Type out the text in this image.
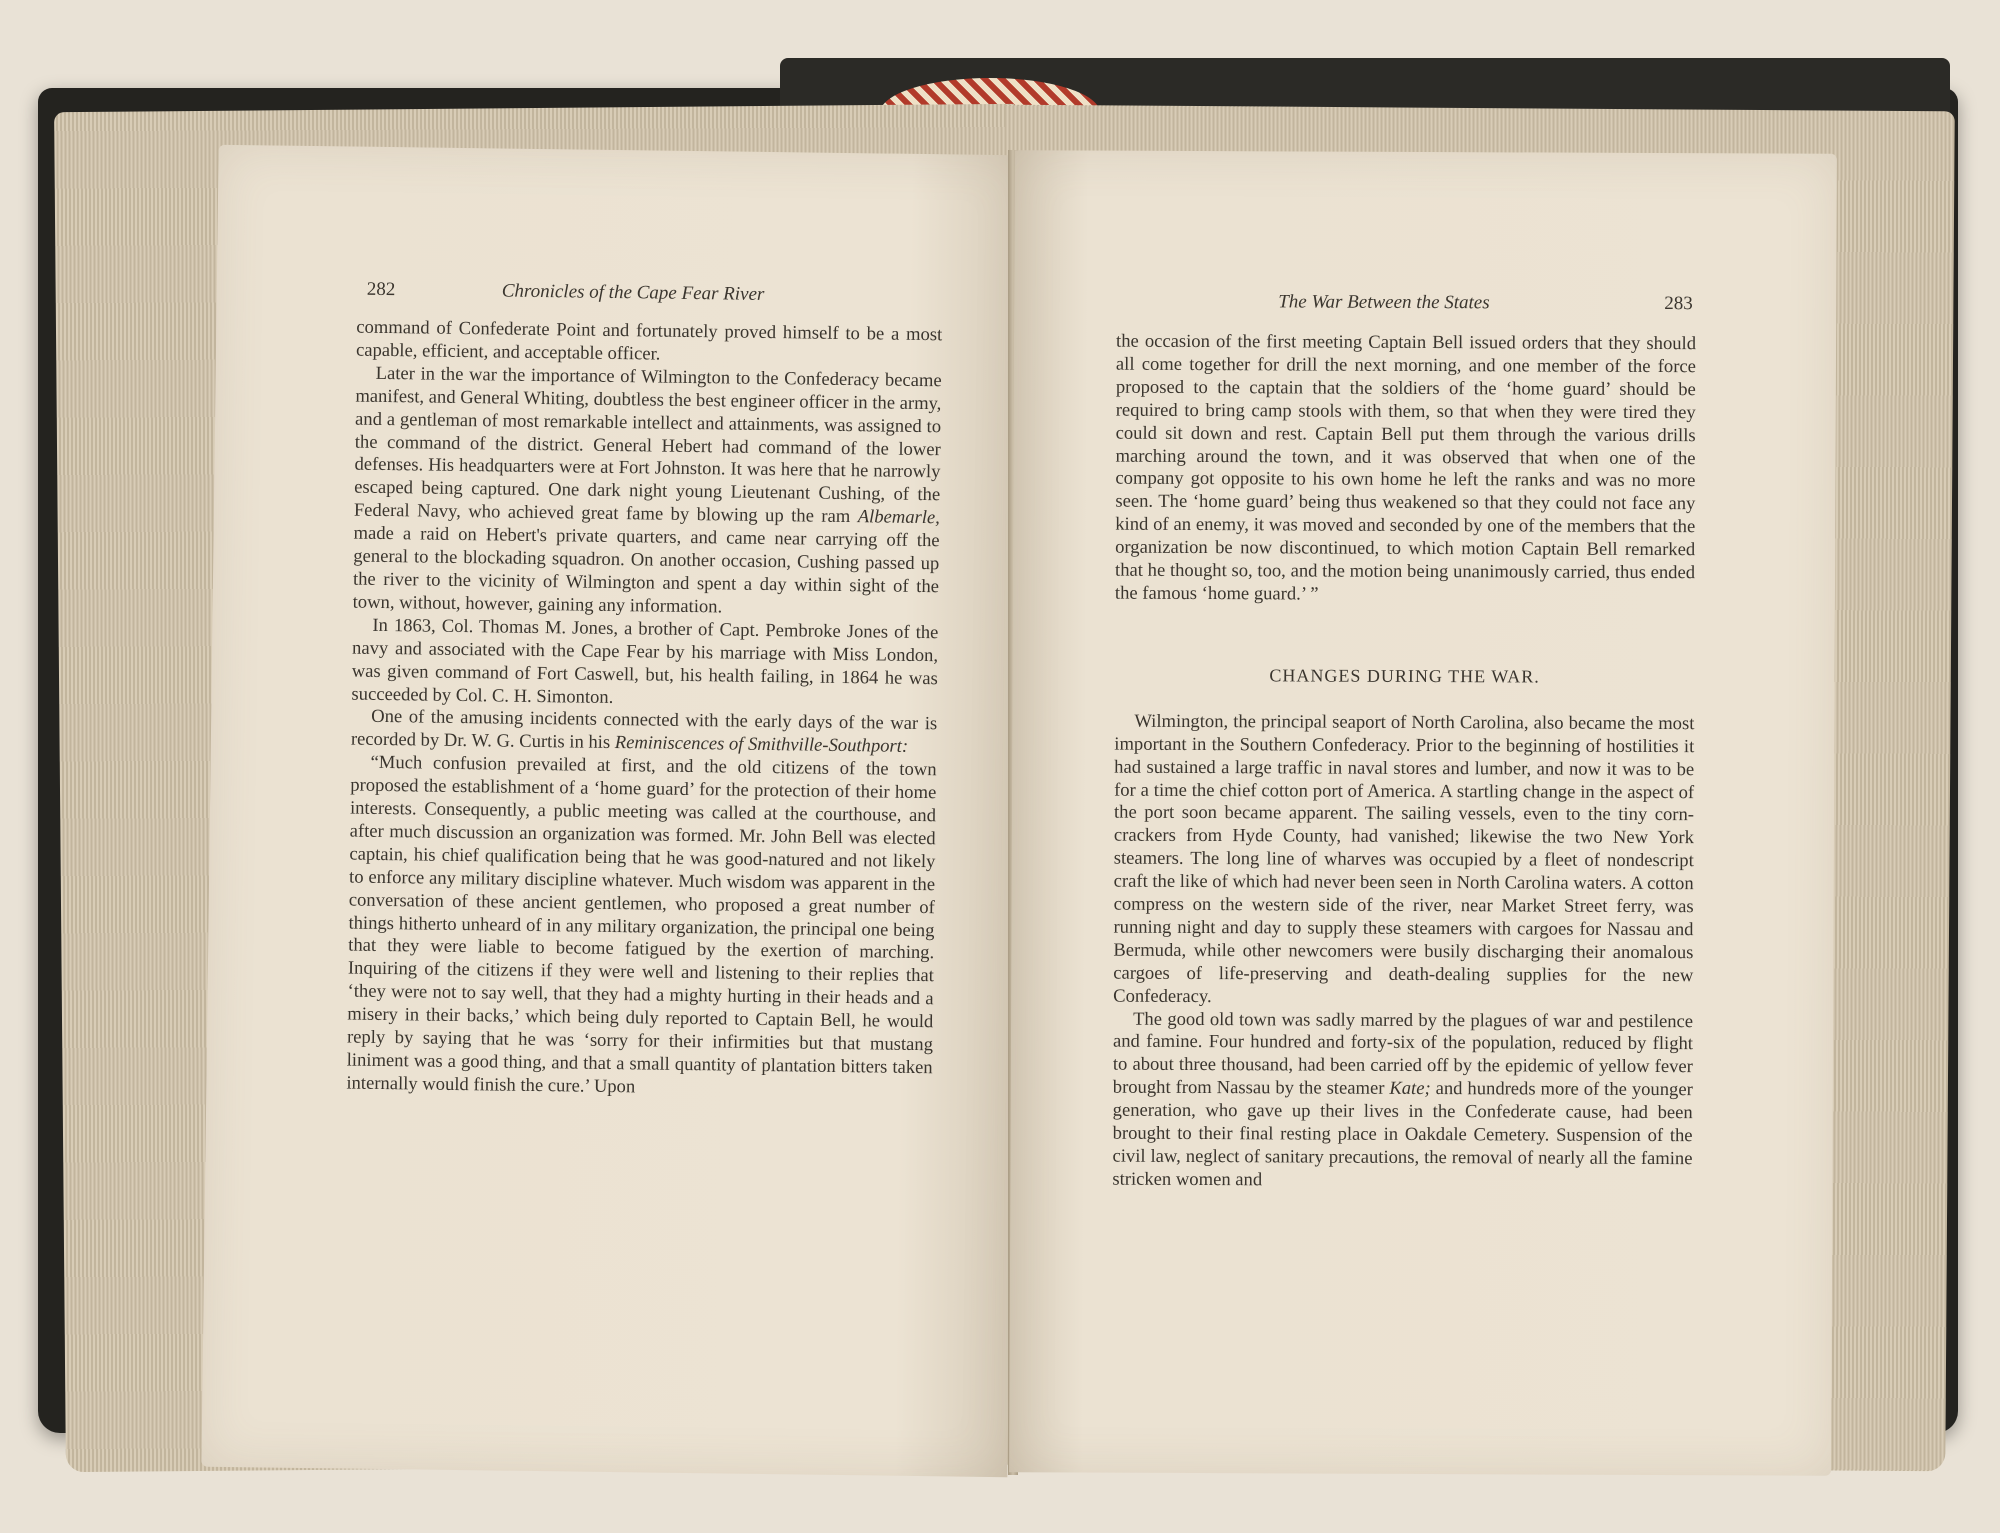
282	Chronicles of the Cape Fear River

command of Confederate Point and fortunately proved himself to be a most capable, efficient, and acceptable officer.

Later in the war the importance of Wilmington to the Confederacy became manifest, and General Whiting, doubtless the best engineer officer in the army, and a gentleman of most remarkable intellect and attainments, was assigned to the command of the district. General Hebert had command of the lower defenses. His headquarters were at Fort Johnston. It was here that he narrowly escaped being captured. One dark night young Lieutenant Cushing, of the Federal Navy, who achieved great fame by blowing up the ram Albemarle, made a raid on Hebert's private quarters, and came near carrying off the general to the blockading squadron. On another occasion, Cushing passed up the river to the vicinity of Wilmington and spent a day within sight of the town, without, however, gaining any information.

In 1863, Col. Thomas M. Jones, a brother of Capt. Pembroke Jones of the navy and associated with the Cape Fear by his marriage with Miss London, was given command of Fort Caswell, but, his health failing, in 1864 he was succeeded by Col. C. H. Simonton.

One of the amusing incidents connected with the early days of the war is recorded by Dr. W. G. Curtis in his Reminiscences of Smithville-Southport:

“Much confusion prevailed at first, and the old citizens of the town proposed the establishment of a ‘home guard’ for the protection of their home interests. Consequently, a public meeting was called at the courthouse, and after much discussion an organization was formed. Mr. John Bell was elected captain, his chief qualification being that he was good-natured and not likely to enforce any military discipline whatever. Much wisdom was apparent in the conversation of these ancient gentlemen, who proposed a great number of things hitherto unheard of in any military organization, the principal one being that they were liable to become fatigued by the exertion of marching. Inquiring of the citizens if they were well and listening to their replies that ‘they were not to say well, that they had a mighty hurting in their heads and a misery in their backs,’ which being duly reported to Captain Bell, he would reply by saying that he was ‘sorry for their infirmities but that mustang liniment was a good thing, and that a small quantity of plantation bitters taken internally would finish the cure.’ Upon

The War Between the States	283

the occasion of the first meeting Captain Bell issued orders that they should all come together for drill the next morning, and one member of the force proposed to the captain that the soldiers of the ‘home guard’ should be required to bring camp stools with them, so that when they were tired they could sit down and rest. Captain Bell put them through the various drills marching around the town, and it was observed that when one of the company got opposite to his own home he left the ranks and was no more seen. The ‘home guard’ being thus weakened so that they could not face any kind of an enemy, it was moved and seconded by one of the members that the organization be now discontinued, to which motion Captain Bell remarked that he thought so, too, and the motion being unanimously carried, thus ended the famous ‘home guard.’ ”

CHANGES DURING THE WAR.

Wilmington, the principal seaport of North Carolina, also became the most important in the Southern Confederacy. Prior to the beginning of hostilities it had sustained a large traffic in naval stores and lumber, and now it was to be for a time the chief cotton port of America. A startling change in the aspect of the port soon became apparent. The sailing vessels, even to the tiny corn-crackers from Hyde County, had vanished; likewise the two New York steamers. The long line of wharves was occupied by a fleet of nondescript craft the like of which had never been seen in North Carolina waters. A cotton compress on the western side of the river, near Market Street ferry, was running night and day to supply these steamers with cargoes for Nassau and Bermuda, while other newcomers were busily discharging their anomalous cargoes of life-preserving and death-dealing supplies for the new Confederacy.

The good old town was sadly marred by the plagues of war and pestilence and famine. Four hundred and forty-six of the population, reduced by flight to about three thousand, had been carried off by the epidemic of yellow fever brought from Nassau by the steamer Kate; and hundreds more of the younger generation, who gave up their lives in the Confederate cause, had been brought to their final resting place in Oakdale Cemetery. Suspension of the civil law, neglect of sanitary precautions, the removal of nearly all the famine stricken women and
